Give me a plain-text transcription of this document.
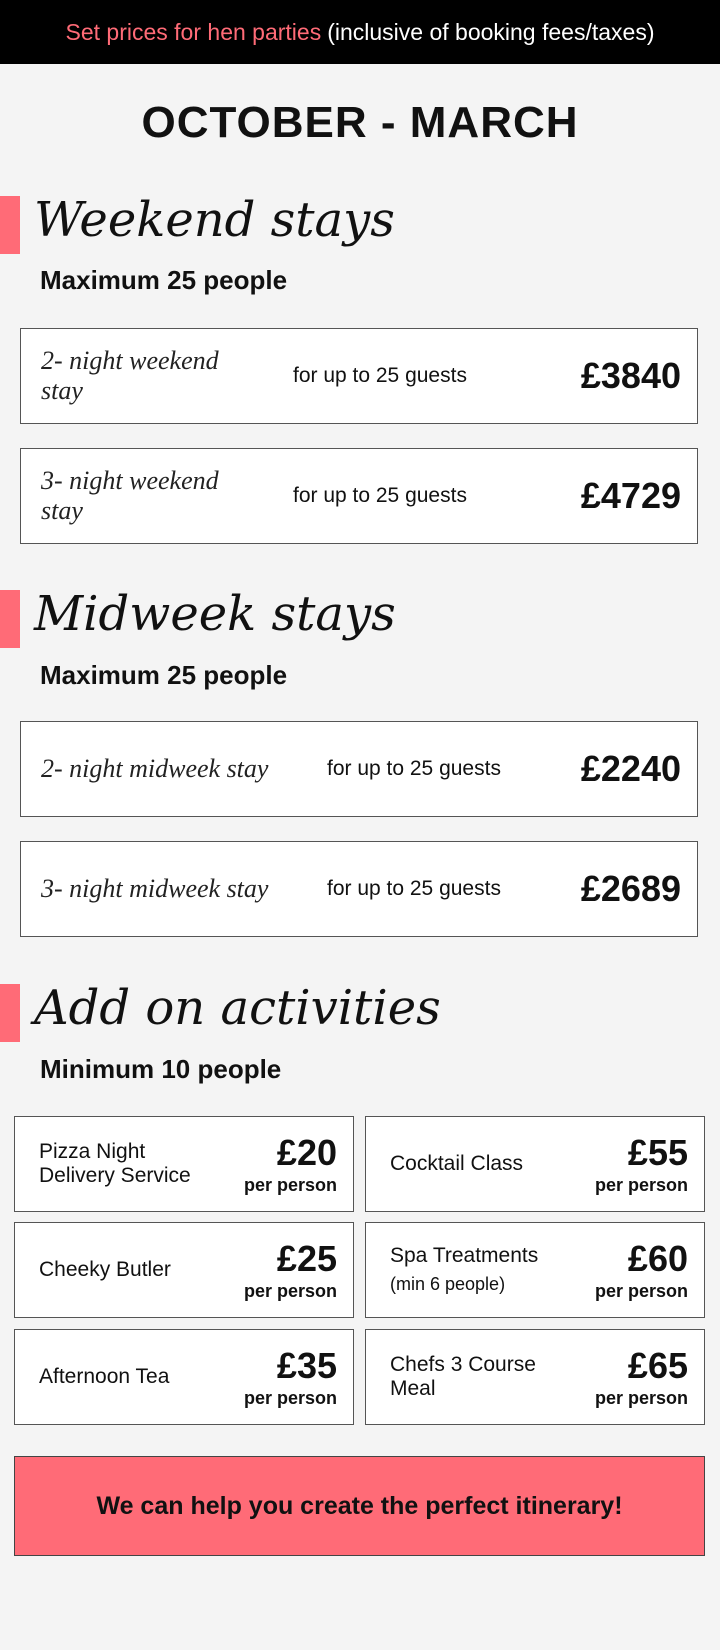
Set prices for hen parties (inclusive of booking fees/taxes)
OCTOBER - MARCH
Weekend stays
Maximum 25 people
2- night weekend stay
for up to 25 guests	£3840
3- night weekend stay
for up to 25 guests	£4729
Midweek stays
Maximum 25 people
2- night midweek stay	for up to 25 guests £2240
3- night midweek stay	for up to 25 guests £2689
Add on activities
Minimum 10 people
Pizza Night Delivery Service
£20
per person
Cocktail Class	£55
per person
Cheeky Butler	£25
per person
Spa Treatments
(min 6 people)
£60
per person
Afternoon Tea	£35
per person
Chefs 3 Course Meal
£65
per person
We can help you create the perfect itinerary!
